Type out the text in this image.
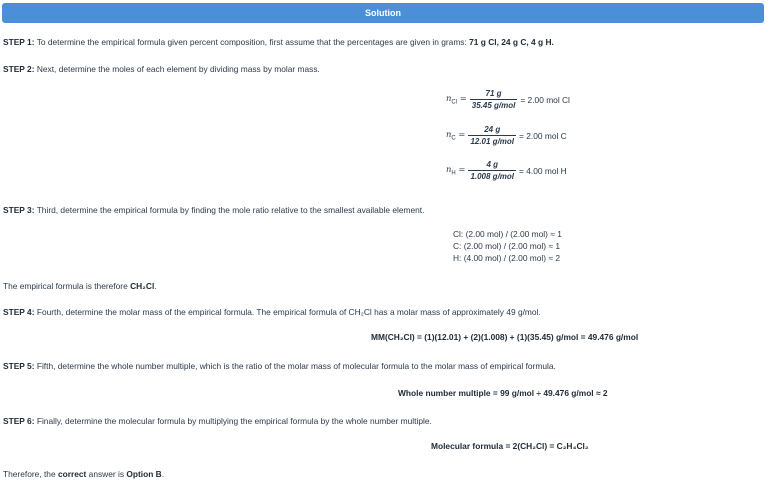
Solution
STEP 1: To determine the empirical formula given percent composition, first assume that the percentages are given in grams: 71 g Cl, 24 g C, 4 g H.
STEP 2: Next, determine the moles of each element by dividing mass by molar mass.
$n_{Cl} = \frac{71 g}{\text{35.45 g/mol}} = 2.00$ mol Cl
$n_C = \frac{24 g}{\text{12.01 g/mol}} = 2.00$ mol C
$n_H = \frac{4 g}{\text{1.008 g/mol}} = 4.00$ mol H
STEP 3: Third, determine the empirical formula by finding the mole ratio relative to the smallest available element.
Cl: (2.00 mol) / (2.00 mol) ≈ 1
C: (2.00 mol) / (2.00 mol) ≈ 1
H: (4.00 mol) / (2.00 mol) ≈ 2
The empirical formula is therefore CH₂Cl.
STEP 4: Fourth, determine the molar mass of the empirical formula. The empirical formula of CH₂Cl has a molar mass of approximately 49 g/mol.
MM(CH₂Cl) = (1)(12.01) + (2)(1.008) + (1)(35.45) g/mol = 49.476 g/mol
STEP 5: Fifth, determine the whole number multiple, which is the ratio of the molar mass of molecular formula to the molar mass of empirical formula.
Whole number multiple = 99 g/mol ÷ 49.476 g/mol ≈ 2
STEP 6: Finally, determine the molecular formula by multiplying the empirical formula by the whole number multiple.
Molecular formula = 2(CH₂Cl) = C₂H₄Cl₂
Therefore, the correct answer is Option B.
